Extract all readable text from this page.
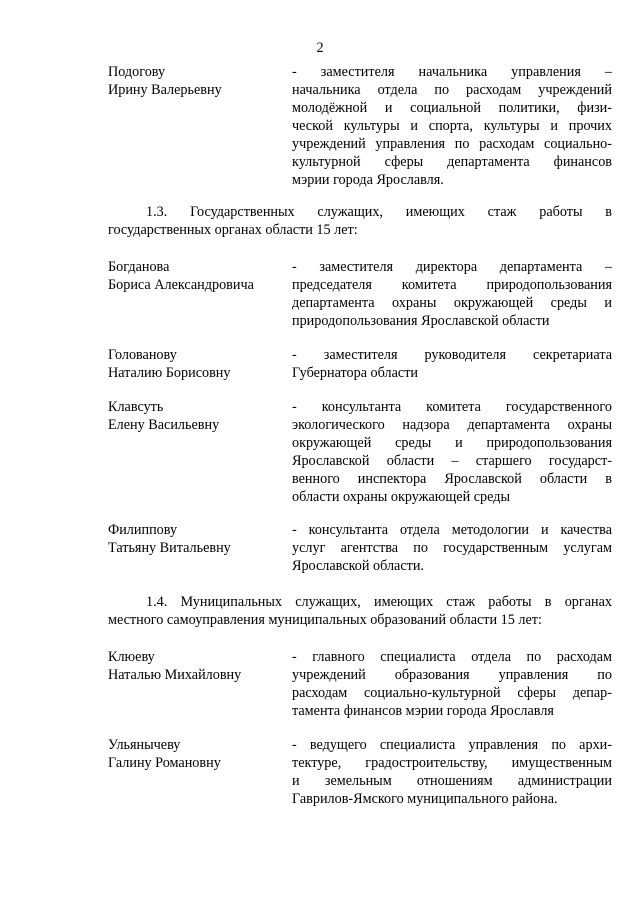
2
Подогову
Ирину Валерьевну
- заместителя начальника управления –
начальника отдела по расходам учреждений
молодёжной и социальной политики, физи-
ческой культуры и спорта, культуры и прочих
учреждений управления по расходам социально-
культурной сферы департамента финансов
мэрии города Ярославля.
1.3. Государственных служащих, имеющих стаж работы в
государственных органах области 15 лет:
Богданова
Бориса Александровича
- заместителя директора департамента –
председателя комитета природопользования
департамента охраны окружающей среды и
природопользования Ярославской области
Голованову
Наталию Борисовну
- заместителя руководителя секретариата
Губернатора области
Клавсуть
Елену Васильевну
- консультанта комитета государственного
экологического надзора департамента охраны
окружающей среды и природопользования
Ярославской области – старшего государст-
венного инспектора Ярославской области в
области охраны окружающей среды
Филиппову
Татьяну Витальевну
- консультанта отдела методологии и качества
услуг агентства по государственным услугам
Ярославской области.
1.4. Муниципальных служащих, имеющих стаж работы в органах
местного самоуправления муниципальных образований области 15 лет:
Клюеву
Наталью Михайловну
- главного специалиста отдела по расходам
учреждений образования управления по
расходам социально-культурной сферы депар-
тамента финансов мэрии города Ярославля
Ульянычеву
Галину Романовну
- ведущего специалиста управления по архи-
тектуре, градостроительству, имущественным
и земельным отношениям администрации
Гаврилов-Ямского муниципального района.
